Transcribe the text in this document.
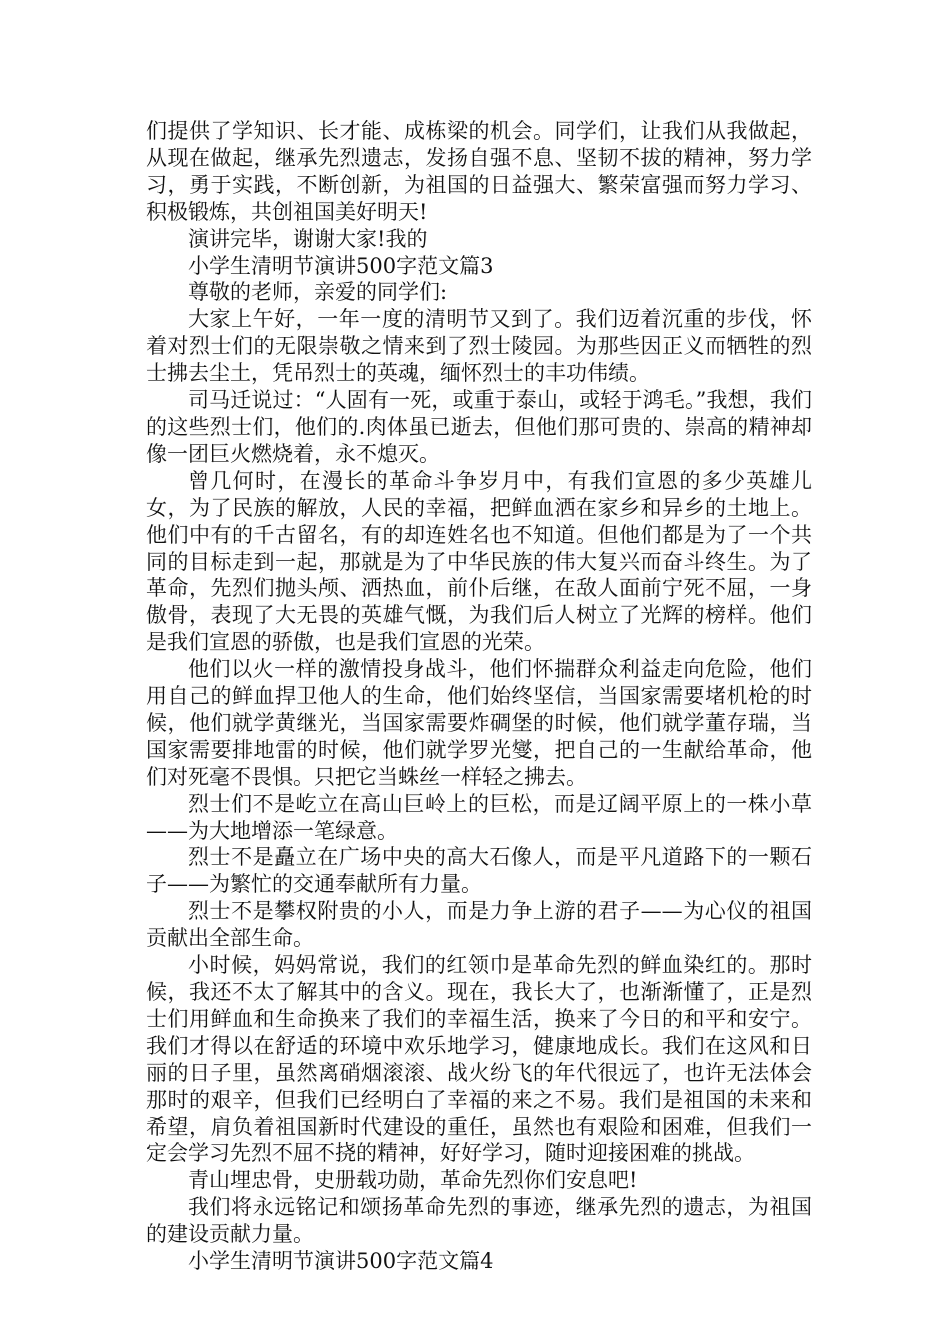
们提供了学知识、长才能、成栋梁的机会。同学们，让我们从我做起，从现在做起，继承先烈遗志，发扬自强不息、坚韧不拔的精神，努力学习，勇于实践，不断创新，为祖国的日益强大、繁荣富强而努力学习、积极锻炼，共创祖国美好明天!

演讲完毕，谢谢大家!我的

小学生清明节演讲500字范文篇3

尊敬的老师，亲爱的同学们:

大家上午好，一年一度的清明节又到了。我们迈着沉重的步伐，怀着对烈士们的无限崇敬之情来到了烈士陵园。为那些因正义而牺牲的烈士拂去尘土，凭吊烈士的英魂，缅怀烈士的丰功伟绩。

司马迁说过：“人固有一死，或重于泰山，或轻于鸿毛。”我想，我们的这些烈士们，他们的.肉体虽已逝去，但他们那可贵的、崇高的精神却像一团巨火燃烧着，永不熄灭。

曾几何时，在漫长的革命斗争岁月中，有我们宣恩的多少英雄儿女，为了民族的解放，人民的幸福，把鲜血洒在家乡和异乡的土地上。他们中有的千古留名，有的却连姓名也不知道。但他们都是为了一个共同的目标走到一起，那就是为了中华民族的伟大复兴而奋斗终生。为了革命，先烈们抛头颅、洒热血，前仆后继，在敌人面前宁死不屈，一身傲骨，表现了大无畏的英雄气慨，为我们后人树立了光辉的榜样。他们是我们宣恩的骄傲，也是我们宣恩的光荣。

他们以火一样的激情投身战斗，他们怀揣群众利益走向危险，他们用自己的鲜血捍卫他人的生命，他们始终坚信，当国家需要堵机枪的时候，他们就学黄继光，当国家需要炸碉堡的时候，他们就学董存瑞，当国家需要排地雷的时候，他们就学罗光燮，把自己的一生献给革命，他们对死毫不畏惧。只把它当蛛丝一样轻之拂去。

烈士们不是屹立在高山巨岭上的巨松，而是辽阔平原上的一株小草——为大地增添一笔绿意。

烈士不是矗立在广场中央的高大石像人，而是平凡道路下的一颗石子——为繁忙的交通奉献所有力量。

烈士不是攀权附贵的小人，而是力争上游的君子——为心仪的祖国贡献出全部生命。

小时候，妈妈常说，我们的红领巾是革命先烈的鲜血染红的。那时候，我还不太了解其中的含义。现在，我长大了，也渐渐懂了，正是烈士们用鲜血和生命换来了我们的幸福生活，换来了今日的和平和安宁。我们才得以在舒适的环境中欢乐地学习，健康地成长。我们在这风和日丽的日子里，虽然离硝烟滚滚、战火纷飞的年代很远了，也许无法体会那时的艰辛，但我们已经明白了幸福的来之不易。我们是祖国的未来和希望，肩负着祖国新时代建设的重任，虽然也有艰险和困难，但我们一定会学习先烈不屈不挠的精神，好好学习，随时迎接困难的挑战。

青山埋忠骨，史册载功勋，革命先烈你们安息吧!

我们将永远铭记和颂扬革命先烈的事迹，继承先烈的遗志，为祖国的建设贡献力量。

小学生清明节演讲500字范文篇4
